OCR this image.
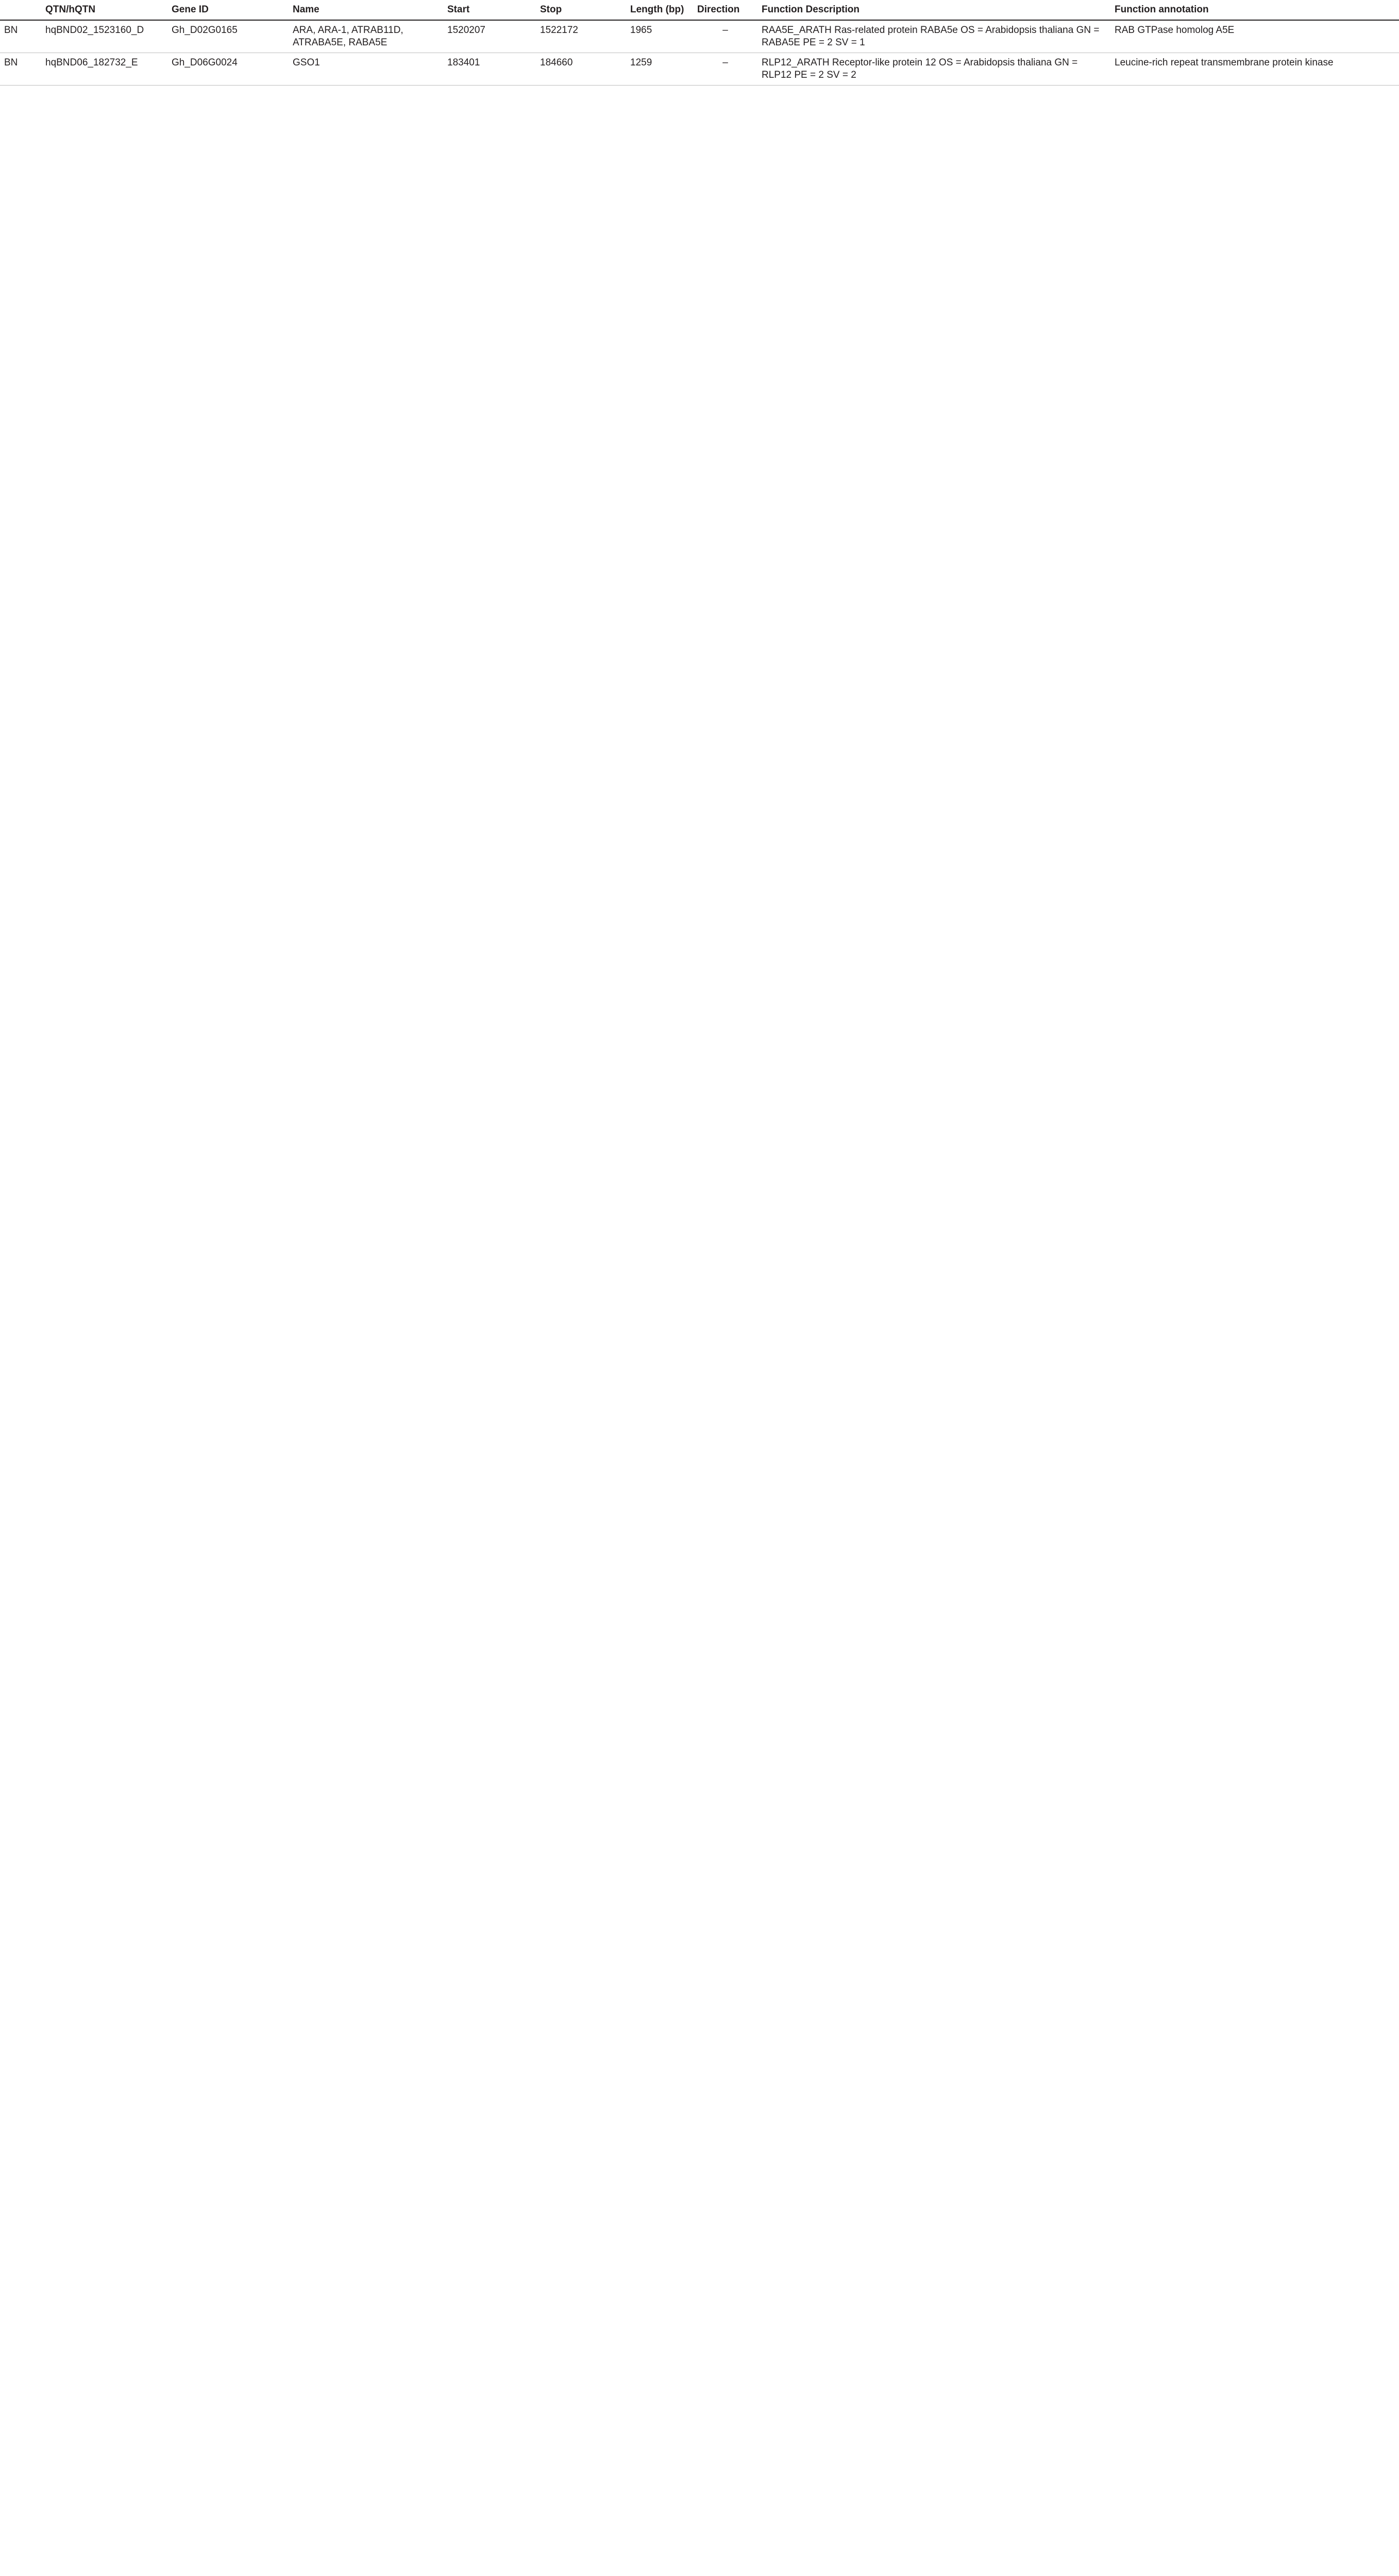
	QTN/hQTN	Gene ID	Name	Start	Stop	Length (bp)	Direction	Function Description	Function annotation
BN	hqBND02_1523160_D	Gh_D02G0165	ARA, ARA-1, ATRAB11D, ATRABA5E, RABA5E	1520207	1522172	1965	–	RAA5E_ARATH Ras-related protein RABA5e OS = Arabidopsis thaliana GN = RABA5E PE = 2 SV = 1	RAB GTPase homolog A5E
BN	hqBND06_182732_E	Gh_D06G0024	GSO1	183401	184660	1259	–	RLP12_ARATH Receptor-like protein 12 OS = Arabidopsis thaliana GN = RLP12 PE = 2 SV = 2	Leucine-rich repeat transmembrane protein kinase
